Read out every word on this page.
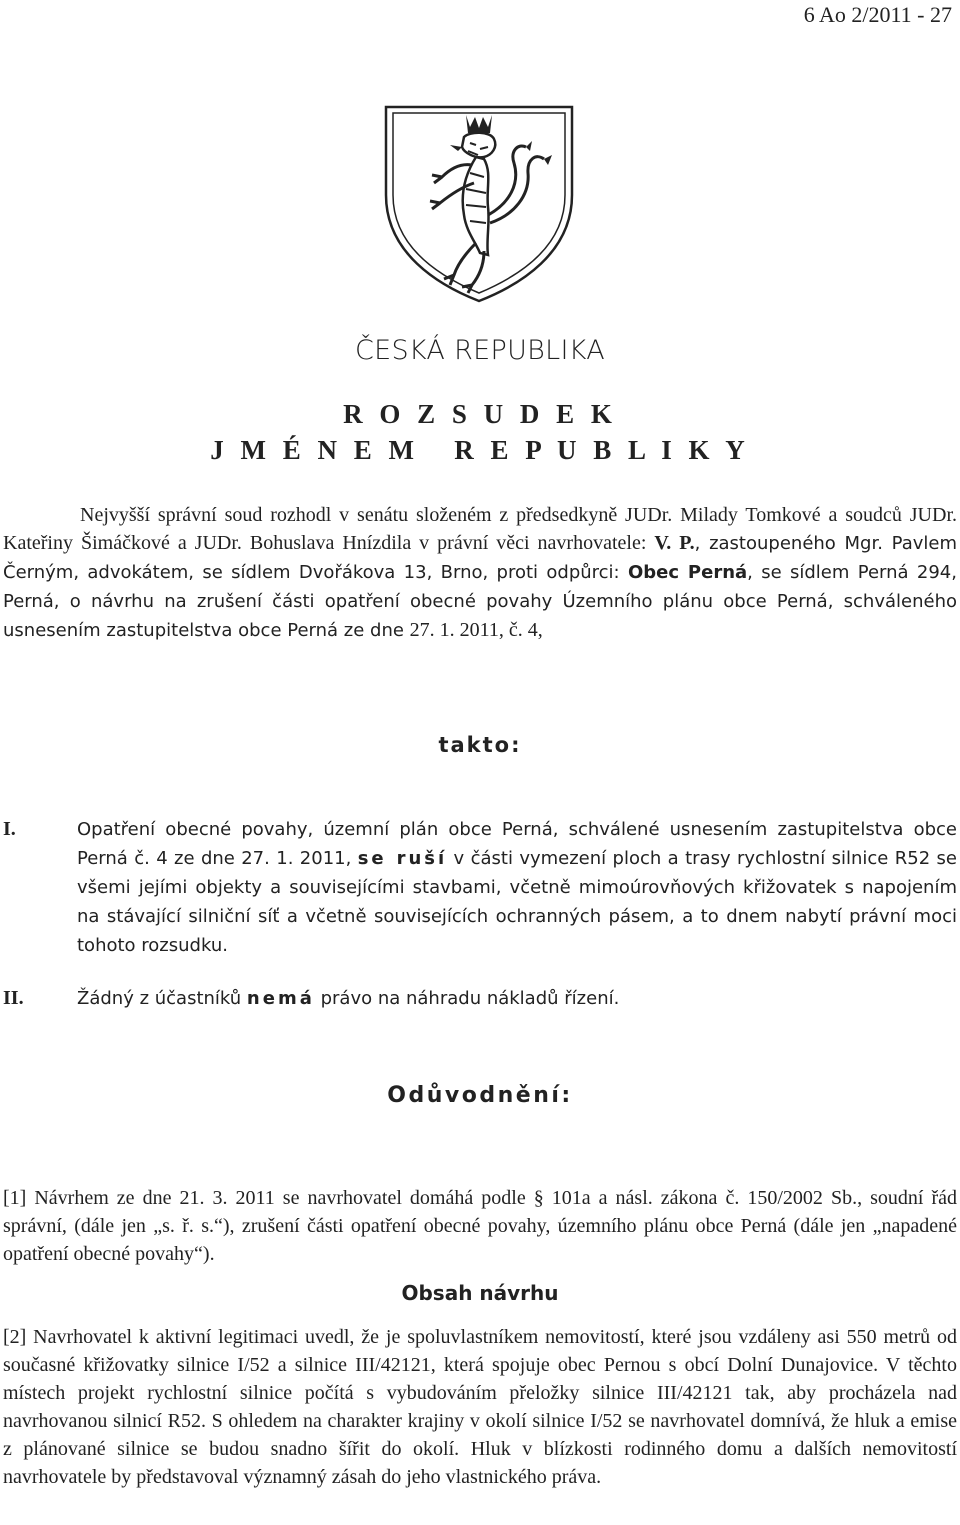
6 Ao 2/2011 - 27
ČESKÁ REPUBLIKA
R O Z S U D E K
J M É N E M   R E P U B L I K Y
Nejvyšší správní soud rozhodl v senátu složeném z předsedkyně JUDr. Milady Tomkové a soudců JUDr. Kateřiny Šimáčkové a JUDr. Bohuslava Hnízdila v právní věci navrhovatele: V. P., zastoupeného Mgr. Pavlem Černým, advokátem, se sídlem Dvořákova 13, Brno, proti odpůrci: Obec Perná, se sídlem Perná 294, Perná, o návrhu na zrušení části opatření obecné povahy Územního plánu obce Perná, schváleného usnesením zastupitelstva obce Perná ze dne 27. 1. 2011, č. 4,
takto:
I.	Opatření obecné povahy, územní plán obce Perná, schválené usnesením zastupitelstva obce Perná č. 4 ze dne 27. 1. 2011, se ruší v části vymezení ploch a trasy rychlostní silnice R52 se všemi jejími objekty a souvisejícími stavbami, včetně mimoúrovňových křižovatek s napojením na stávající silniční síť a včetně souvisejících ochranných pásem, a to dnem nabytí právní moci tohoto rozsudku.
II.	Žádný z účastníků nemá právo na náhradu nákladů řízení.
Odůvodnění:
[1] Návrhem ze dne 21. 3. 2011 se navrhovatel domáhá podle § 101a a násl. zákona č. 150/2002 Sb., soudní řád správní, (dále jen „s. ř. s.“), zrušení části opatření obecné povahy, územního plánu obce Perná (dále jen „napadené opatření obecné povahy“).
Obsah návrhu
[2] Navrhovatel k aktivní legitimaci uvedl, že je spoluvlastníkem nemovitostí, které jsou vzdáleny asi 550 metrů od současné křižovatky silnice I/52 a silnice III/42121, která spojuje obec Pernou s obcí Dolní Dunajovice. V těchto místech projekt rychlostní silnice počítá s vybudováním přeložky silnice III/42121 tak, aby procházela nad navrhovanou silnicí R52. S ohledem na charakter krajiny v okolí silnice I/52 se navrhovatel domnívá, že hluk a emise z plánované silnice se budou snadno šířit do okolí. Hluk v blízkosti rodinného domu a dalších nemovitostí navrhovatele by představoval významný zásah do jeho vlastnického práva.
